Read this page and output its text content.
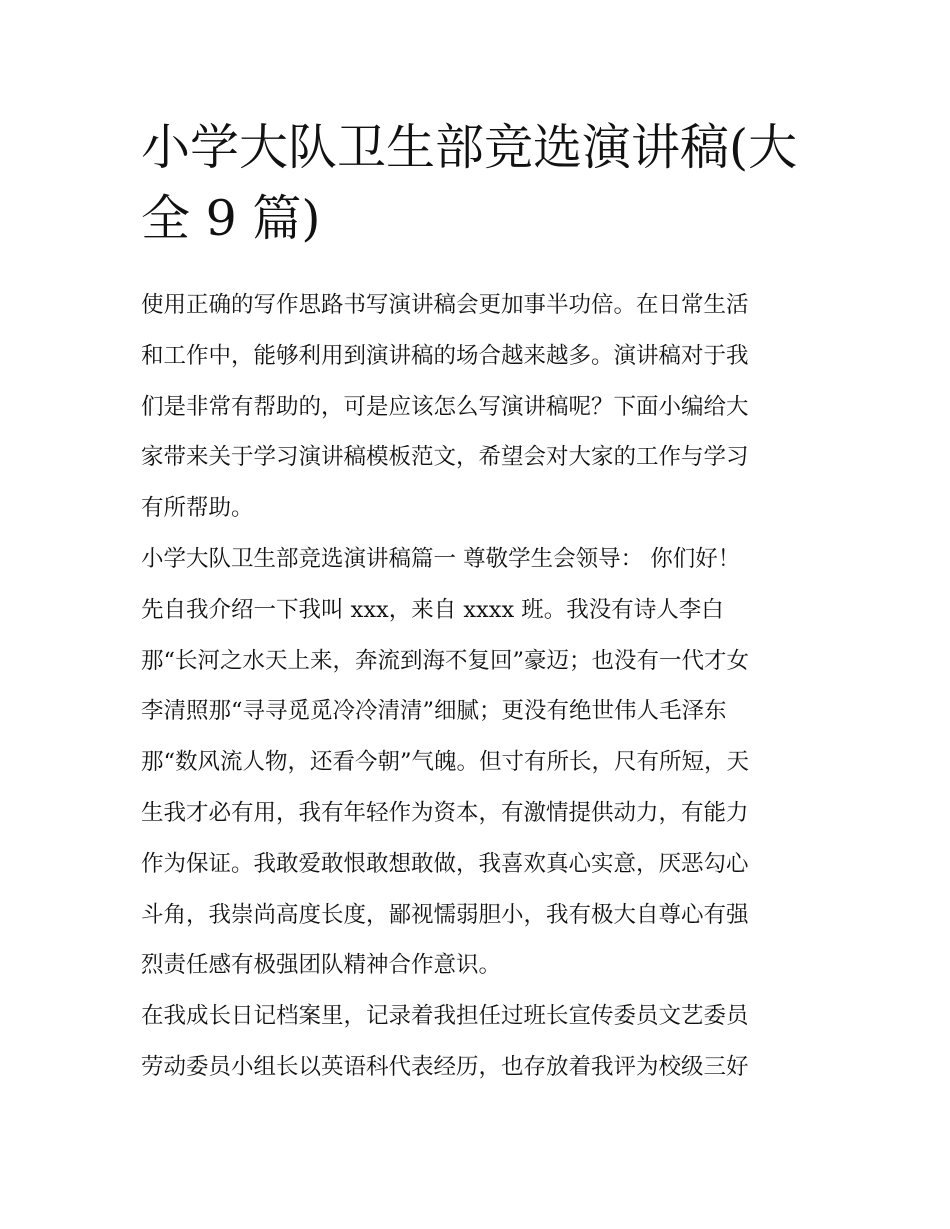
小学大队卫生部竞选演讲稿(大
全 9 篇)
使用正确的写作思路书写演讲稿会更加事半功倍。在日常生活
和工作中，能够利用到演讲稿的场合越来越多。演讲稿对于我
们是非常有帮助的，可是应该怎么写演讲稿呢？下面小编给大
家带来关于学习演讲稿模板范文，希望会对大家的工作与学习
有所帮助。
小学大队卫生部竞选演讲稿篇一 尊敬学生会领导： 你们好！
先自我介绍一下我叫 xxx，来自 xxxx 班。我没有诗人李白
那“长河之水天上来，奔流到海不复回”豪迈；也没有一代才女
李清照那“寻寻觅觅冷冷清清”细腻；更没有绝世伟人毛泽东
那“数风流人物，还看今朝”气魄。但寸有所长，尺有所短，天
生我才必有用，我有年轻作为资本，有激情提供动力，有能力
作为保证。我敢爱敢恨敢想敢做，我喜欢真心实意，厌恶勾心
斗角，我崇尚高度长度，鄙视懦弱胆小，我有极大自尊心有强
烈责任感有极强团队精神合作意识。
在我成长日记档案里，记录着我担任过班长宣传委员文艺委员
劳动委员小组长以英语科代表经历，也存放着我评为校级三好
